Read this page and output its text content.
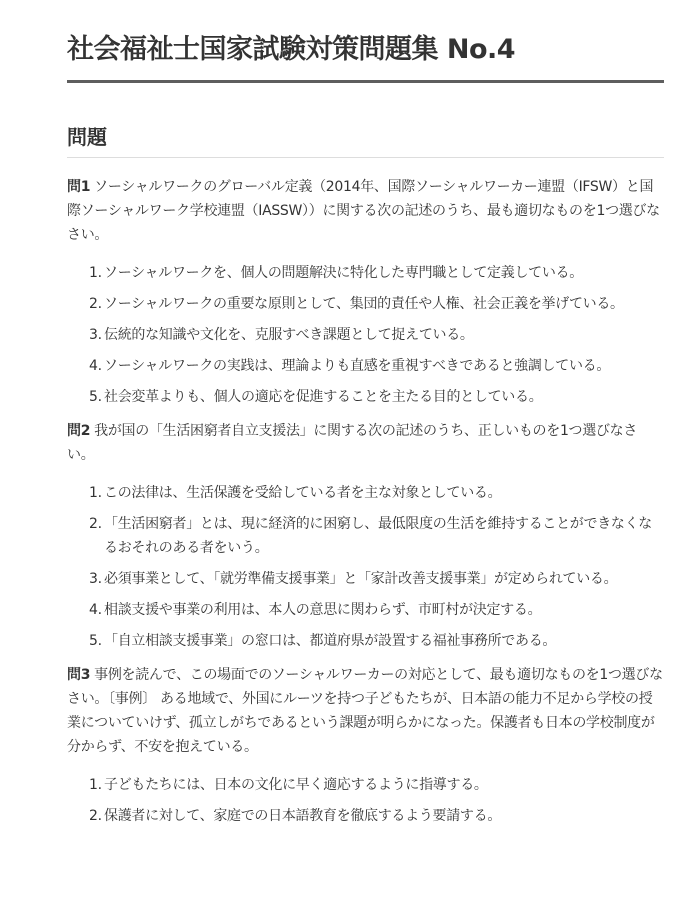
社会福祉士国家試験対策問題集 No.4
問題
問1 ソーシャルワークのグローバル定義（2014年、国際ソーシャルワーカー連盟（IFSW）と国際ソーシャルワーク学校連盟（IASSW））に関する次の記述のうち、最も適切なものを1つ選びなさい。
1. ソーシャルワークを、個人の問題解決に特化した専門職として定義している。
2. ソーシャルワークの重要な原則として、集団的責任や人権、社会正義を挙げている。
3. 伝統的な知識や文化を、克服すべき課題として捉えている。
4. ソーシャルワークの実践は、理論よりも直感を重視すべきであると強調している。
5. 社会変革よりも、個人の適応を促進することを主たる目的としている。
問2 我が国の「生活困窮者自立支援法」に関する次の記述のうち、正しいものを1つ選びなさい。
1. この法律は、生活保護を受給している者を主な対象としている。
2. 「生活困窮者」とは、現に経済的に困窮し、最低限度の生活を維持することができなくなるおそれのある者をいう。
3. 必須事業として、「就労準備支援事業」と「家計改善支援事業」が定められている。
4. 相談支援や事業の利用は、本人の意思に関わらず、市町村が決定する。
5. 「自立相談支援事業」の窓口は、都道府県が設置する福祉事務所である。
問3 事例を読んで、この場面でのソーシャルワーカーの対応として、最も適切なものを1つ選びなさい。〔事例〕 ある地域で、外国にルーツを持つ子どもたちが、日本語の能力不足から学校の授業についていけず、孤立しがちであるという課題が明らかになった。保護者も日本の学校制度が分からず、不安を抱えている。
1. 子どもたちには、日本の文化に早く適応するように指導する。
2. 保護者に対して、家庭での日本語教育を徹底するよう要請する。
